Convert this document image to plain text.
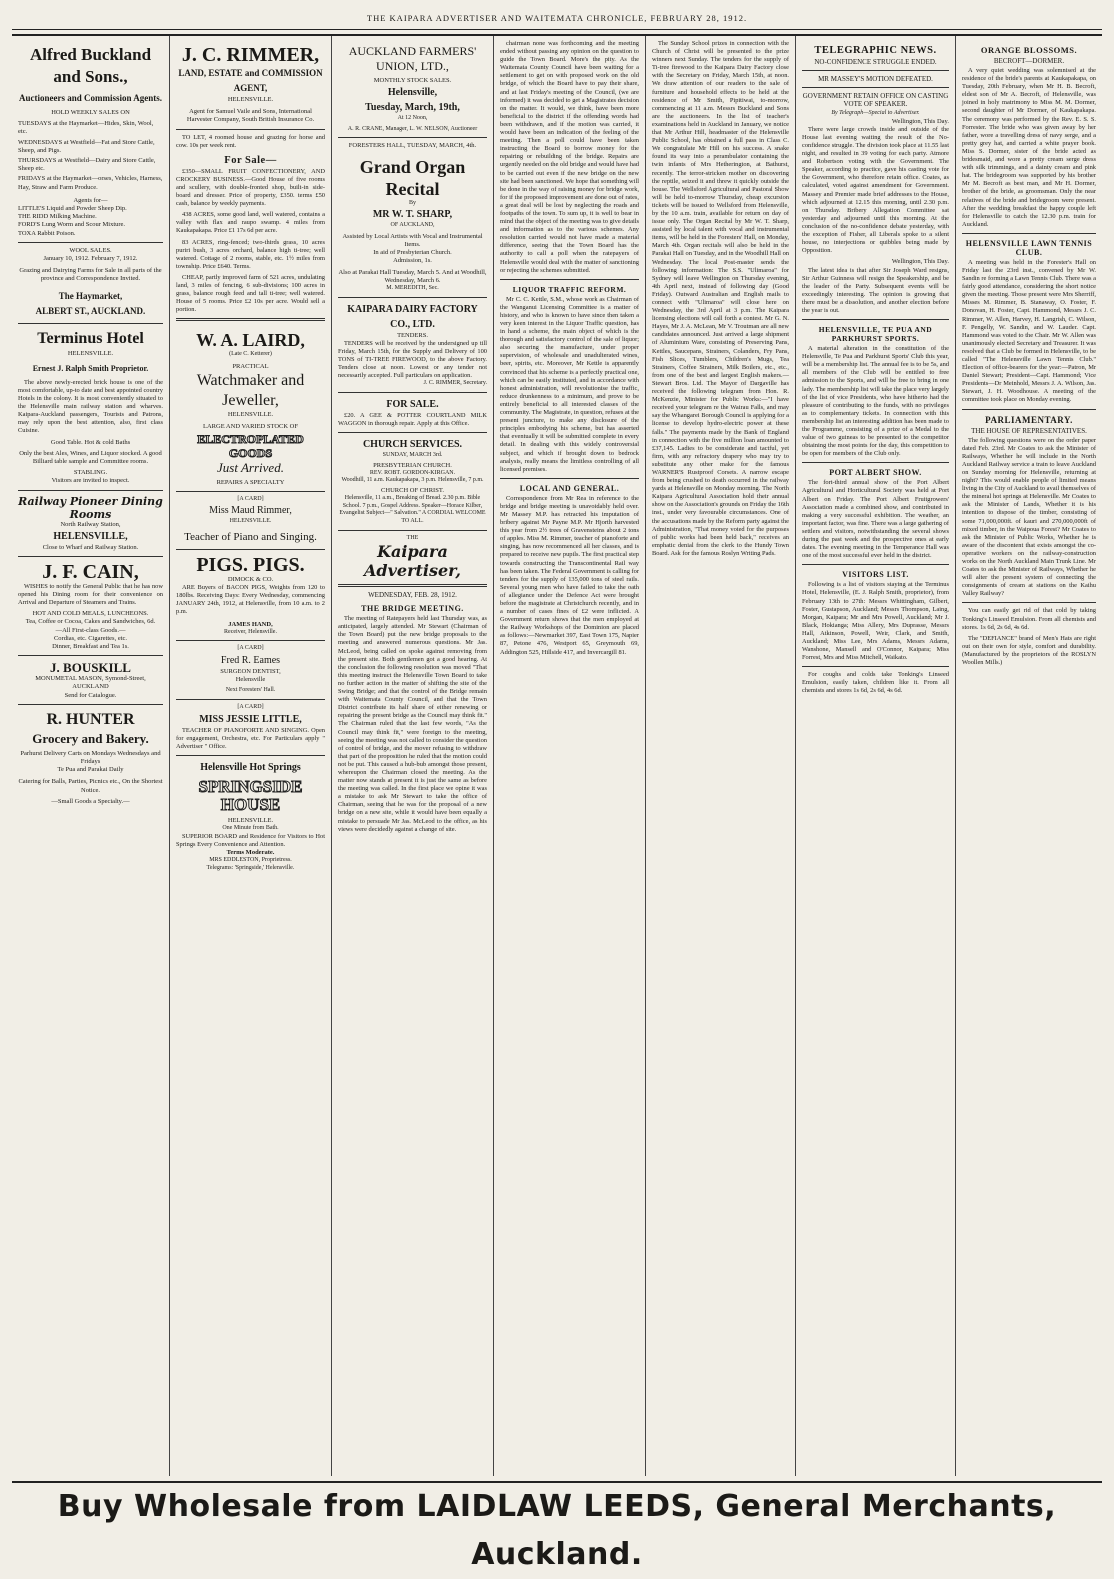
THE KAIPARA ADVERTISER AND WAITEMATA CHRONICLE, FEBRUARY 28, 1912.
Alfred Buckland and Sons.,
Auctioneers and Commission Agents.
HOLD WEEKLY SALES ON
TUESDAYS at the Haymarket—Hides, Skin, Wool, etc.
WEDNESDAYS at Westfield—Fat and Store Cattle, Sheep, and Pigs.
THURSDAYS at Westfield—Dairy and Store Cattle, Sheep etc.
FRIDAYS at the Haymarket—orses, Vehicles, Harness, Hay, Straw and Farm Produce.
Agents for—
LITTLE'S Liquid and Powder Sheep Dip.
THE RIDD Milking Machine.
FORD'S Lung Worm and Scour Mixture.
TOXA Rabbit Poison.
WOOL SALES.
January 10, 1912. February 7, 1912.
Grazing and Dairying Farms for Sale in all parts of the province and Correspondence Invited.
The Haymarket,
ALBERT ST., AUCKLAND.
Terminus Hotel
HELENSVILLE.
Ernest J. Ralph Smith Proprietor.

The above newly-erected brick house is one of the most comfortable, up-to date and best appointed country Hotels in the colony. It is most conveniently situated to the Helensville main railway station and wharves. Kaipara-Auckland passengers, Tourists and Patrons, may rely upon the best attention, also, first class Cuisine.

Good Table. Hot & cold Baths
Only the best Ales, Wines, and Liquor stocked. A good Billiard table sample and Committee rooms.
STABLING.
Visitors are invited to inspect.
Railway Pioneer Dining Rooms
North Railway Station,
HELENSVILLE,
Close to Wharf and Railway Station.
J. F. CAIN,

WISHES to notify the General Public that he has now opened his Dining room for their convenience on Arrival and Departure of Steamers and Trains.

HOT AND COLD MEALS, LUNCHEONS.
Tea, Coffee or Cocoa, Cakes and Sandwiches, 6d.
—All First-class Goods.—
Cordias, etc. Cigarettes, etc.
Dinner, Breakfast and Tea 1s.
J. BOUSKILL
MONUMETAL MASON, Symond-Street, AUCKLAND
Send for Catalogue.
R. HUNTER
Grocery and Bakery.
Parhurst Delivery Carts on Mondays Wednesdays and Fridays
Te Pua and Parakai Daily
Catering for Balls, Parties, Picnics etc., On the Shortest Notice.
—Small Goods a Specialty.—
J. C. RIMMER,
LAND, ESTATE and COMMISSION AGENT,
HELENSVILLE.
Agent for Samuel Vaile and Sons, International Harvester Company, South British Insurance Co.

TO LET, 4 roomed house and grazing for horse and cow. 10s per week rent.

For Sale—

£350—SMALL FRUIT CONFECTIONERY, AND CROCKERY BUSINESS.—Good House of five rooms and scullery, with double-fronted shop, built-in side-board and dresser. Price of property, £350. terms £50 cash, balance by weekly payments.

438 ACRES, some good land, well watered, contains a valley with flax and raupo swamp. 4 miles from Kaukapakapa. Price £1 17s 6d per acre.

83 ACRES, ring-fenced; two-thirds grass, 10 acres puriri bush, 3 acres orchard, balance high ti-tree; well watered. Cottage of 2 rooms, stable, etc. 1½ miles from township. Price £640. Terms.

CHEAP, partly improved farm of 521 acres, undulating land, 3 miles of fencing, 6 sub-divisions; 100 acres in grass, balance rough feed and tall ti-tree; well watered. House of 5 rooms. Price £2 10s per acre. Would sell a portion.

W. A. LAIRD,
(Late C. Ketterer)
PRACTICAL
Watchmaker and Jeweller,
HELENSVILLE.
LARGE AND VARIED STOCK OF
ELECTROPLATED GOODS
Just Arrived.
REPAIRS A SPECIALTY
[A CARD]
Miss Maud Rimmer,
HELENSVILLE.
Teacher of Piano and Singing.
PIGS. PIGS.
DIMOCK & CO.

ARE Buyers of BACON PIGS, Weights from 120 to 180lbs. Receiving Days: Every Wednesday, commencing JANUARY 24th, 1912, at Helensville, from 10 a.m. to 2 p.m.

JAMES HAND,
Receiver, Helensville.
[A CARD]
Fred R. Eames
SURGEON DENTIST,
Helensville
Next Foresters' Hall.
[A CARD]
MISS JESSIE LITTLE,

TEACHER OF PIANOFORTE AND SINGING. Open for engagement, Orchestra, etc. For Particulars apply " Advertiser " Office.

Helensville Hot Springs
SPRINGSIDE HOUSE
HELENSVILLE.
One Minute from Bath.

SUPERIOR BOARD and Residence for Visitors to Hot Springs Every Convenience and Attention.

Terms Moderate.
MRS EDDLESTON, Proprietress.
Telegrams: 'Springside,' Helensville.
AUCKLAND FARMERS' UNION, LTD.,
MONTHLY STOCK SALES.
Helensville,
Tuesday, March, 19th,
At 12 Noon,
A. R. CRANE, Manager, L. W. NELSON, Auctioneer
FORESTERS HALL, TUESDAY, MARCH, 4th.
Grand Organ Recital
By
MR W. T. SHARP,
OF AUCKLAND,
Assisted by Local Artists with Vocal and Instrumental Items.
In aid of Presbyterian Church.
Admission, 1s.
Also at Parakai Hall Tuesday, March 5. And at Woodhill, Wednesday, March 6.
M. MEREDITH, Sec.
KAIPARA DAIRY FACTORY CO., LTD.
TENDERS.

TENDERS will be received by the undersigned up till Friday, March 15th, for the Supply and Delivery of 100 TONS of TI-TREE FIREWOOD, to the above Factory. Tenders close at noon. Lowest or any tender not necessarily accepted. Full particulars on application.

J. C. RIMMER, Secretary.
FOR SALE.

£20. A GEE & POTTER COURTLAND MILK WAGGON in thorough repair. Apply at this Office.

CHURCH SERVICES.
SUNDAY, MARCH 3rd.
PRESBYTERIAN CHURCH.
REV. ROBT. GORDON-KIRGAN.
Woodhill, 11 a.m. Kaukapakapa, 3 p.m. Helensville, 7 p.m.
CHURCH OF CHRIST.
Helensville, 11 a.m., Breaking of Bread. 2.30 p.m. Bible School. 7 p.m., Gospel Address. Speaker—Horace Kilber, Evangelist Subject—" Salvation." A CORDIAL WELCOME TO ALL.
THE
Kaipara Advertiser,
WEDNESDAY, FEB. 28, 1912.
THE BRIDGE MEETING.

The meeting of Ratepayers held last Thursday was, as anticipated, largely attended. Mr Stewart (Chairman of the Town Board) put the new bridge proposals to the meeting and answered numerous questions. Mr Jas. McLeod, being called on spoke against removing from the present site. Both gentlemen got a good hearing. At the conclusion the following resolution was moved "That this meeting instruct the Helensville Town Board to take no further action in the matter of shifting the site of the Swing Bridge; and that the control of the Bridge remain with Waitemata County Council, and that the Town District contribute its half share of either renewing or repairing the present bridge as the Council may think fit." The Chairman ruled that the last few words, "As the Council may think fit," were foreign to the meeting, seeing the meeting was not called to consider the question of control of bridge, and the mover refusing to withdraw that part of the proposition he ruled that the motion could not be put. This caused a hub-bub amongst those present, whereupon the Chairman closed the meeting. As the matter now stands at present it is just the same as before the meeting was called. In the first place we opine it was a mistake to ask Mr Stewart to take the office of Chairman, seeing that he was for the proposal of a new bridge on a new site, while it would have been equally a mistake to persuade Mr Jas. McLeod to the office, as his views were decidedly against a change of site.

chairman none was forthcoming and the meeting ended without passing any opinion on the question to guide the Town Board. More's the pity. As the Waitemata County Council have been waiting for a settlement to get on with proposed work on the old bridge, of which the Board have to pay their share, and at last Friday's meeting of the Council, (we are informed) it was decided to get a Magistrates decision on the matter. It would, we think, have been more beneficial to the district if the offending words had been withdrawn, and if the motion was carried, it would have been an indication of the feeling of the meeting. Then a poll could have been taken instructing the Board to borrow money for the repairing or rebuilding of the bridge. Repairs are urgently needed on the old bridge and would have had to be carried out even if the new bridge on the new site had been sanctioned. We hope that something will be done in the way of raising money for bridge work, for if the proposed improvement are done out of rates, a great deal will be lost by neglecting the roads and footpaths of the town. To sum up, it is well to bear in mind that the object of the meeting was to give details and information as to the various schemes. Any resolution carried would not have made a material difference, seeing that the Town Board has the authority to call a poll when the ratepayers of Helensville would deal with the matter of sanctioning or rejecting the schemes submitted.

LIQUOR TRAFFIC REFORM.

Mr C. C. Kettle, S.M., whose work as Chairman of the Wanganui Licensing Committee is a matter of history, and who is known to have since then taken a very keen interest in the Liquor Traffic question, has in hand a scheme, the main object of which is the thorough and satisfactory control of the sale of liquor; also securing the manufacture, under proper supervision, of wholesale and unadulterated wines, beer, spirits, etc. Moreover, Mr Kettle is apparently convinced that his scheme is a perfectly practical one, which can be easily instituted, and in accordance with honest administration, will revolutionise the traffic, reduce drunkenness to a minimum, and prove to be entirely beneficial to all interested classes of the community. The Magistrate, in question, refuses at the present juncture, to make any disclosure of the principles embodying his scheme, but has asserted that eventually it will be submitted complete in every detail. In dealing with this widely controversial subject, and which if brought down to bedrock analysis, really means the limitless controlling of all licensed premises.

LOCAL AND GENERAL.

Correspondence from Mr Rea in reference to the bridge and bridge meeting is unavoidably held over. Mr Massey M.P. has retracted his imputation of bribery against Mr Payne M.P. Mr Hjorth harvested this year from 2½ trees of Gravensteins about 2 tons of apples. Miss M. Rimmer, teacher of pianoforte and singing, has now recommenced all her classes, and is prepared to receive new pupils. The first practical step towards constructing the Transcontinental Rail way has been taken. The Federal Government is calling for tenders for the supply of 135,000 tons of steel rails. Several young men who have failed to take the oath of allegiance under the Defence Act were brought before the magistrate at Christchurch recently, and in a number of cases fines of £2 were inflicted. A Government return shows that the men employed at the Railway Workshops of the Dominion are placed as follows:—Newmarket 397, East Town 175, Napier 87, Petone 476, Westport 65, Greymouth 69, Addington 525, Hillside 417, and Invercargill 81.

The Sunday School prizes in connection with the Church of Christ will be presented to the prize winners next Sunday. The tenders for the supply of Ti-tree firewood to the Kaipara Dairy Factory close with the Secretary on Friday, March 15th, at noon. We draw attention of our readers to the sale of furniture and household effects to be held at the residence of Mr Smith, Pipitiwai, to-morrow, commencing at 11 a.m. Messrs Buckland and Sons are the auctioneers. In the list of teacher's examinations held in Auckland in January, we notice that Mr Arthur Hill, headmaster of the Helensville Public School, has obtained a full pass in Class C. We congratulate Mr Hill on his success. A snake found its way into a perambulator containing the twin infants of Mrs Hetherington, at Bathurst, recently. The terror-stricken mother on discovering the reptile, seized it and threw it quickly outside the house. The Wellsford Agricultural and Pastoral Show will be held to-morrow Thursday, cheap excursion tickets will be issued to Wellsford from Helensville, by the 10 a.m. train, available for return on day of issue only. The Organ Recital by Mr W. T. Sharp, assisted by local talent with vocal and instrumental items, will be held in the Foresters' Hall, on Monday, March 4th. Organ recitals will also be held in the Parakai Hall on Tuesday, and in the Woodhill Hall on Wednesday. The local Post-master sends the following information: The S.S. "Ulimaroa" for Sydney will leave Wellington on Thursday evening, 4th April next, instead of following day (Good Friday). Outward Australian and English mails to connect with "Ulimaroa" will close here on Wednesday, the 3rd April at 3 p.m. The Kaipara licensing elections will call forth a contest. Mr G. N. Hayes, Mr J. A. McLean, Mr V. Troutman are all new candidates announced. Just arrived a large shipment of Aluminium Ware, consisting of Preserving Pans, Kettles, Saucepans, Strainers, Colanders, Fry Pans, Fish Slices, Tumblers, Children's Mugs, Tea Strainers, Coffee Strainers, Milk Boilers, etc., etc., from one of the best and largest English makers.—Stewart Bros. Ltd. The Mayor of Dargaville has received the following telegram from Hon. R. McKenzie, Minister for Public Works:—"I have received your telegram re the Wairau Falls, and may say the Whangarei Borough Council is applying for a license to develop hydro-electric power at these falls." The payments made by the Bank of England in connection with the five million loan amounted to £37,145. Ladies to be considerate and tactful, yet firm, with any refractory drapery who may try to substitute any other make for the famous WARNER'S Rustproof Corsets. A narrow escape from being crushed to death occurred in the railway yards at Helensville on Monday morning. The North Kaipara Agricultural Association hold their annual show on the Association's grounds on Friday the 16th inst., under very favourable circumstances. One of the accusations made by the Reform party against the Administration, "That money voted for the purposes of public works had been held back," receives an emphatic denial from the clerk to the Hundy Town Board. Ask for the famous Roslyn Writing Pads.

TELEGRAPHIC NEWS.
NO-CONFIDENCE STRUGGLE ENDED.
MR MASSEY'S MOTION DEFEATED.
GOVERNMENT RETAIN OFFICE ON CASTING VOTE OF SPEAKER.
By Telegraph—Special to Advertiser.
Wellington, This Day.

There were large crowds inside and outside of the House last evening waiting the result of the No-confidence struggle. The division took place at 11.55 last night, and resulted in 39 voting for each party. Atmore and Robertson voting with the Government. The Speaker, according to practice, gave his casting vote for the Government, who therefore retain office. Coates, as calculated, voted against amendment for Government. Massey and Premier made brief addresses to the House, which adjourned at 12.15 this morning, until 2.30 p.m. on Thursday. Bribery Allegation Committee sat yesterday and adjourned until this morning. At the conclusion of the no-confidence debate yesterday, with the exception of Fisher, all Liberals spoke to a silent house, no interjections or quibbles being made by Opposition.

Wellington, This Day.

The latest idea is that after Sir Joseph Ward resigns, Sir Arthur Guinness will resign the Speakership, and be the leader of the Party. Subsequent events will be exceedingly interesting. The opinion is growing that there must be a dissolution, and another election before the year is out.

HELENSVILLE, TE PUA AND PARKHURST SPORTS.

A material alteration in the constitution of the Helensville, Te Pua and Parkhurst Sports' Club this year, will be a membership list. The annual fee is to be 5s, and all members of the Club will be entitled to free admission to the Sports, and will be free to bring in one lady. The membership list will take the place very largely of the list of vice Presidents, who have hitherto had the pleasure of contributing to the funds, with no privileges as to complementary tickets. In connection with this membership list an interesting addition has been made to the Programme, consisting of a prize of a Medal to the value of two guineas to be presented to the competitor obtaining the most points for the day, this competition to be open for members of the Club only.

PORT ALBERT SHOW.

The fort-third annual show of the Port Albert Agricultural and Horticultural Society was held at Port Albert on Friday. The Port Albert Fruitgrowers' Association made a combined show, and contributed in making a very successful exhibition. The weather, an important factor, was fine. There was a large gathering of settlers and visitors, notwithstanding the several shows during the past week and the prospective ones at early dates. The evening meeting in the Temperance Hall was one of the most successful ever held in the district.

VISITORS LIST.

Following is a list of visitors staying at the Terminus Hotel, Helensville, (E. J. Ralph Smith, proprietor), from February 13th to 27th: Messrs Whittingham, Gilbert, Foster, Gustapson, Auckland; Messrs Thompson, Laing, Morgan, Kaipara; Mr and Mrs Powell, Auckland; Mr J. Black, Hokianga; Miss Allery, Mrs Duprasse, Messrs Hall, Atkinson, Powell, Weir, Clark, and Smith, Auckland; Miss Lee, Mrs Adams, Messrs Adams, Wanshone, Mansell and O'Connor, Kaipara; Miss Forrest, Mrs and Miss Mitchell, Waikato.

For coughs and colds take Tonking's Linseed Emulsion, easily taken, children like it. From all chemists and stores 1s 6d, 2s 6d, 4s 6d.

ORANGE BLOSSOMS.
BECROFT—DORMER.

A very quiet wedding was solemnised at the residence of the bride's parents at Kaukapakapa, on Tuesday, 20th February, when Mr H. B. Becroft, eldest son of Mr A. Becroft, of Helensville, was joined in holy matrimony to Miss M. M. Dormer, second daughter of Mr Dormer, of Kaukapakapa. The ceremony was performed by the Rev. E. S. S. Forrester. The bride who was given away by her father, wore a travelling dress of navy serge, and a pretty grey hat, and carried a white prayer book. Miss S. Dormer, sister of the bride acted as bridesmaid, and wore a pretty cream serge dress with silk trimmings, and a dainty cream and pink hat. The bridegroom was supported by his brother Mr M. Becroft as best man, and Mr H. Dormer, brother of the bride, as groomsman. Only the near relatives of the bride and bridegroom were present. After the wedding breakfast the happy couple left for Helensville to catch the 12.30 p.m. train for Auckland.

HELENSVILLE LAWN TENNIS CLUB.

A meeting was held in the Forester's Hall on Friday last the 23rd inst., convened by Mr W. Sandin re forming a Lawn Tennis Club. There was a fairly good attendance, considering the short notice given the meeting. Those present were Mrs Sherriff, Misses M. Rimmer, B. Stanaway, O. Foster, F. Donovan, H. Foster, Capt. Hammond, Messrs J. C. Rimmer, W. Allen, Harvey, H. Langrish, C. Wilson, F. Pengelly, W. Sandin, and W. Lauder. Capt. Hammond was voted to the Chair. Mr W. Allen was unanimously elected Secretary and Treasurer. It was resolved that a Club be formed in Helensville, to be called "The Helensville Lawn Tennis Club." Election of office-bearers for the year:—Patron, Mr Daniel Stewart; President—Capt. Hammond; Vice Presidents—Dr Meinhold, Messrs J. A. Wilson, Jas. Stewart, J. H. Woodhouse. A meeting of the committee took place on Monday evening.

PARLIAMENTARY.
THE HOUSE OF REPRESENTATIVES.

The following questions were on the order paper dated Feb. 23rd. Mr Coates to ask the Minister of Railways, Whether he will include in the North Auckland Railway service a train to leave Auckland on Sunday morning for Helensville, returning at night? This would enable people of limited means living in the City of Auckland to avail themselves of the mineral hot springs at Helensville. Mr Coates to ask the Minister of Lands, Whether it is his intention to dispose of the timber, consisting of some 71,000,000ft. of kauri and 270,000,000ft of mixed timber, in the Waipoua Forest? Mr Coates to ask the Minister of Public Works, Whether he is aware of the discontent that exists amongst the co-operative workers on the railway-construction works on the North Auckland Main Trunk Line. Mr Coates to ask the Minister of Railways, Whether he will alter the present system of connecting the consignments of cream at stations on the Kaihu Valley Railway?

You can easily get rid of that cold by taking Tonking's Linseed Emulsion. From all chemists and stores. 1s 6d, 2s 6d, 4s 6d.

The "DEFIANCE" brand of Men's Hats are right out on their own for style, comfort and durability. (Manufactured by the proprietors of the ROSLYN Woollen Mills.)

Buy Wholesale from LAIDLAW LEEDS, General Merchants, Auckland.
